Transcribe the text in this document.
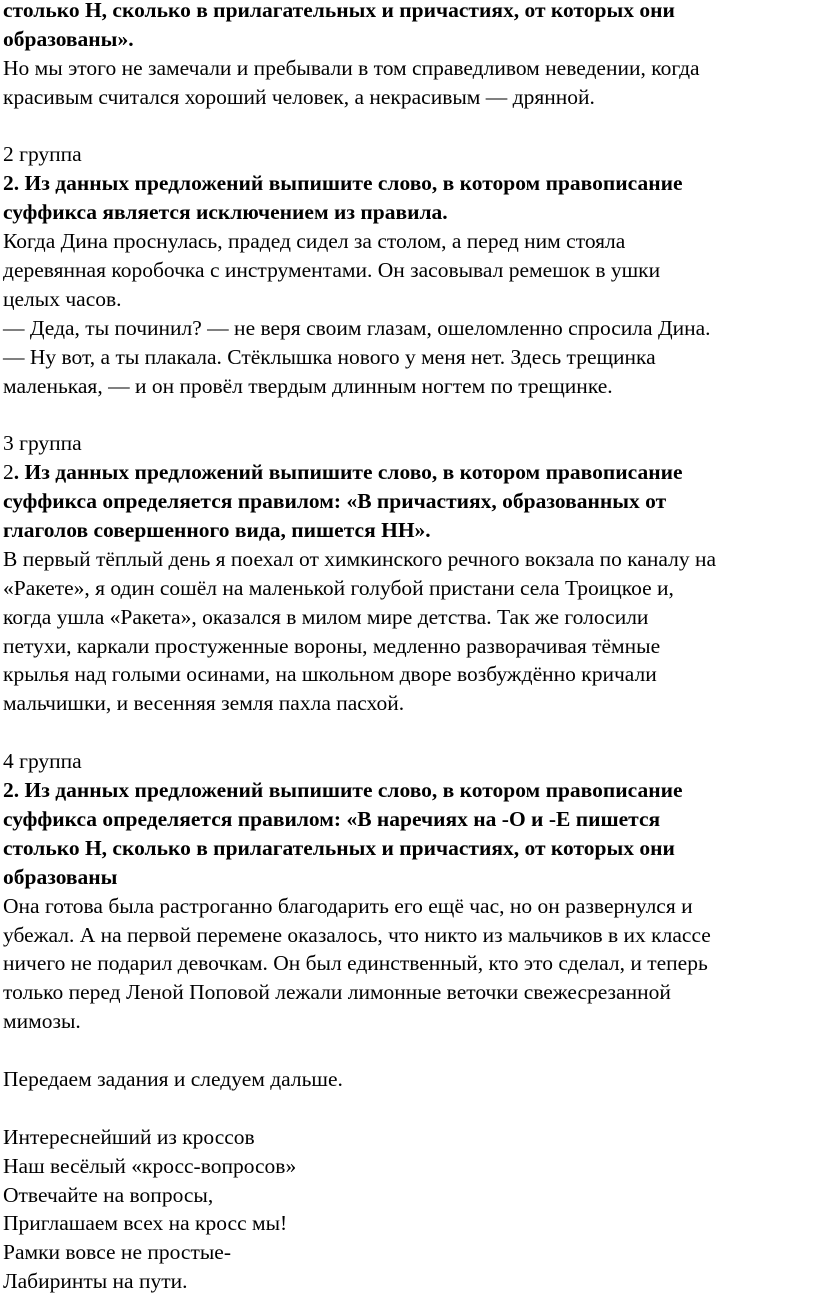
столько Н, сколько в прилагательных и причастиях, от которых они
образованы».
Но мы этого не замечали и пребывали в том справедливом неведении, когда
красивым считался хороший человек, а некрасивым — дрянной.
2 группа
2. Из данных предложений выпишите слово, в котором правописание
суффикса является исключением из правила.
Когда Дина проснулась, прадед сидел за столом, а перед ним стояла
деревянная коробочка с инструментами. Он засовывал ремешок в ушки
целых часов.
— Деда, ты починил? — не веря своим глазам, ошеломленно спросила Дина.
— Ну вот, а ты плакала. Стёклышка нового у меня нет. Здесь трещинка
маленькая, — и он провёл твердым длинным ногтем по трещинке.
3 группа
2. Из данных предложений выпишите слово, в котором правописание
суффикса определяется правилом: «В причастиях, образованных от
глаголов совершенного вида, пишется НН».
В первый тёплый день я поехал от химкинского речного вокзала по каналу на
«Ракете», я один сошёл на маленькой голубой пристани села Троицкое и,
когда ушла «Ракета», оказался в милом мире детства. Так же голосили
петухи, каркали простуженные вороны, медленно разворачивая тёмные
крылья над голыми осинами, на школьном дворе возбуждённо кричали
мальчишки, и весенняя земля пахла пасхой.
4 группа
2. Из данных предложений выпишите слово, в котором правописание
суффикса определяется правилом: «В наречиях на -О и -Е пишется
столько Н, сколько в прилагательных и причастиях, от которых они
образованы
Она готова была растроганно благодарить его ещё час, но он развернулся и
убежал. А на первой перемене оказалось, что никто из мальчиков в их классе
ничего не подарил девочкам. Он был единственный, кто это сделал, и теперь
только перед Леной Поповой лежали лимонные веточки свежесрезанной
мимозы.
Передаем задания и следуем дальше.
Интереснейший из кроссов
Наш весёлый «кросс-вопросов»
Отвечайте на вопросы,
Приглашаем всех на кросс мы!
Рамки вовсе не простые-
Лабиринты на пути.
